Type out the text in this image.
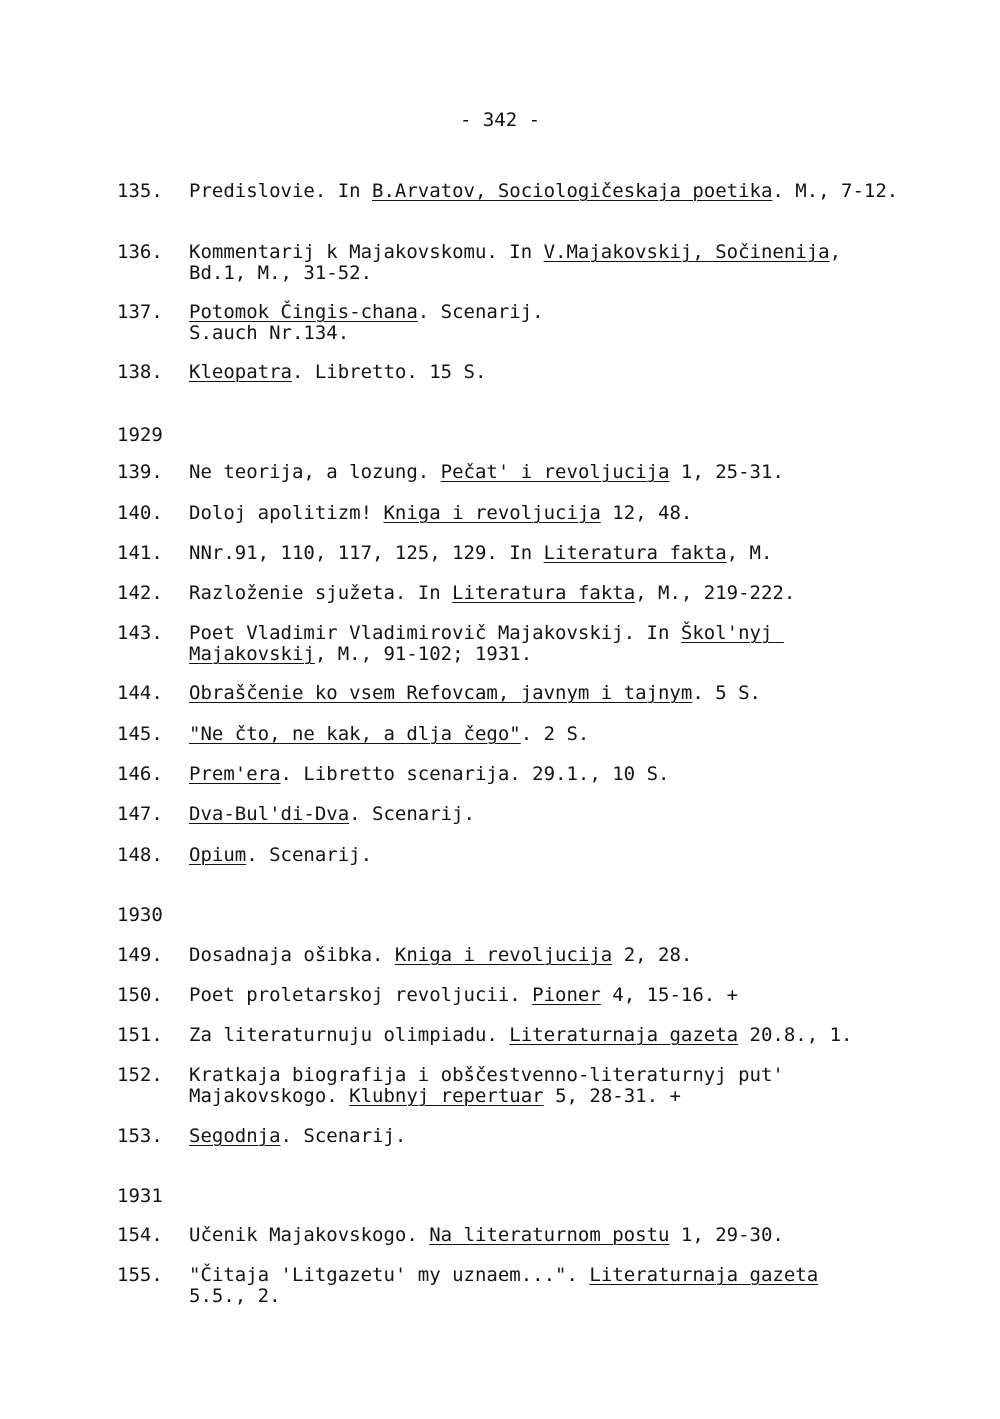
- 342 -
135. Predislovie. In B.Arvatov, Sociologičeskaja poetika. M., 7-12.
136. Kommentarij k Majakovskomu. In V.Majakovskij, Sočinenija, Bd.1, M., 31-52.
137. Potomok Čingis-chana. Scenarij.
S.auch Nr.134.
138. Kleopatra. Libretto. 15 S.
1929
139. Ne teorija, a lozung. Pečat' i revoljucija 1, 25-31.
140. Doloj apolitizm! Kniga i revoljucija 12, 48.
141. NNr.91, 110, 117, 125, 129. In Literatura fakta, M.
142. Razloženie sjužeta. In Literatura fakta, M., 219-222.
143. Poet Vladimir Vladimirovič Majakovskij. In Škol'nyj Majakovskij, M., 91-102; 1931.
144. Obraščenie ko vsem Refovcam, javnym i tajnym. 5 S.
145. "Ne čto, ne kak, a dlja čego". 2 S.
146. Prem'era. Libretto scenarija. 29.1., 10 S.
147. Dva-Bul'di-Dva. Scenarij.
148. Opium. Scenarij.
1930
149. Dosadnaja ošibka. Kniga i revoljucija 2, 28.
150. Poet proletarskoj revoljucii. Pioner 4, 15-16. +
151. Za literaturnuju olimpiadu. Literaturnaja gazeta 20.8., 1.
152. Kratkaja biografija i obščestvenno-literaturnyj put' Majakovskogo. Klubnyj repertuar 5, 28-31. +
153. Segodnja. Scenarij.
1931
154. Učenik Majakovskogo. Na literaturnom postu 1, 29-30.
155. "Čitaja 'Litgazetu' my uznaem...". Literaturnaja gazeta
5.5., 2.
